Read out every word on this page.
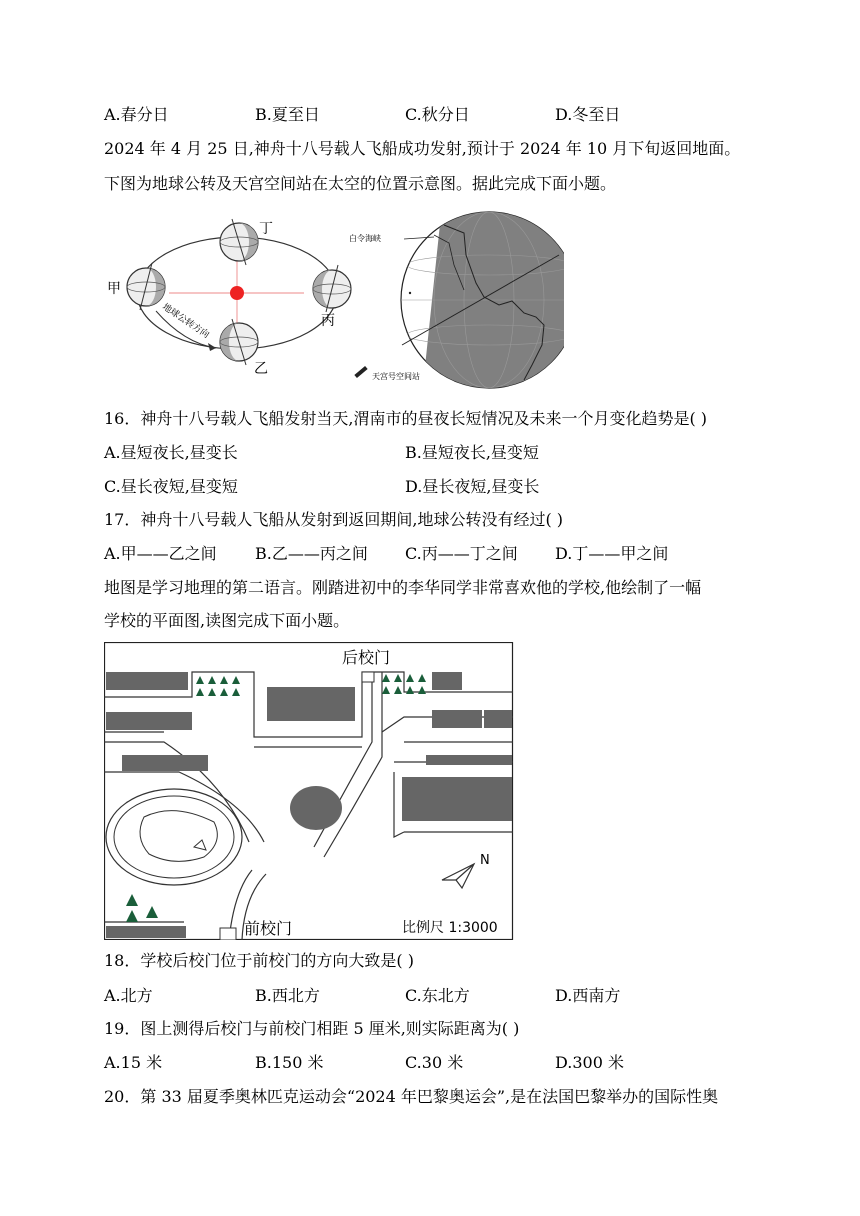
A.春分日	B.夏至日	C.秋分日	D.冬至日
2024 年 4 月 25 日,神舟十八号载人飞船成功发射,预计于 2024 年 10 月下旬返回地面。
下图为地球公转及天宫空间站在太空的位置示意图。据此完成下面小题。
甲
乙
丙
丁
地球公转方向
白令海峡
天宫号空间站
16．神舟十八号载人飞船发射当天,渭南市的昼夜长短情况及未来一个月变化趋势是( )
A.昼短夜长,昼变长	B.昼短夜长,昼变短
C.昼长夜短,昼变短	D.昼长夜短,昼变长
17．神舟十八号载人飞船从发射到返回期间,地球公转没有经过( )
A.甲——乙之间 B.乙——丙之间 C.丙——丁之间 D.丁——甲之间
地图是学习地理的第二语言。刚踏进初中的李华同学非常喜欢他的学校,他绘制了一幅
学校的平面图,读图完成下面小题。
N
后校门
前校门	比例尺 1:3000
18．学校后校门位于前校门的方向大致是( )
A.北方	B.西北方	C.东北方	D.西南方
19．图上测得后校门与前校门相距 5 厘米,则实际距离为( )
A.15 米	B.150 米	C.30 米	D.300 米
20．第 33 届夏季奥林匹克运动会“2024 年巴黎奥运会”,是在法国巴黎举办的国际性奥
